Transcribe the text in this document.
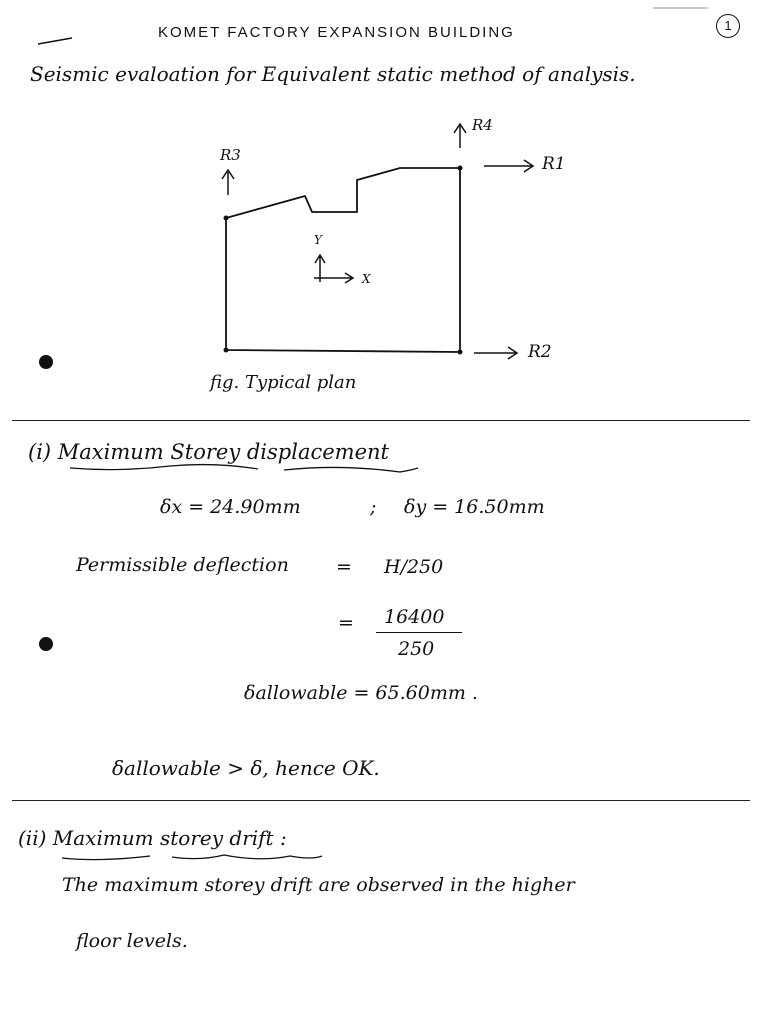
KOMET FACTORY EXPANSION BUILDING	1
Seismic evaloation for Equivalent static method of analysis.
R4
R3	R1
R2
Y
X
fig. Typical plan
(i) Maximum Storey displacement
δx = 24.90mm	; δy = 16.50mm
Permissible deflection = H/250
= 16400
250
δallowable = 65.60mm .
δallowable > δ, hence OK.
(ii) Maximum storey drift :
The maximum storey drift are observed in the higher
floor levels.
